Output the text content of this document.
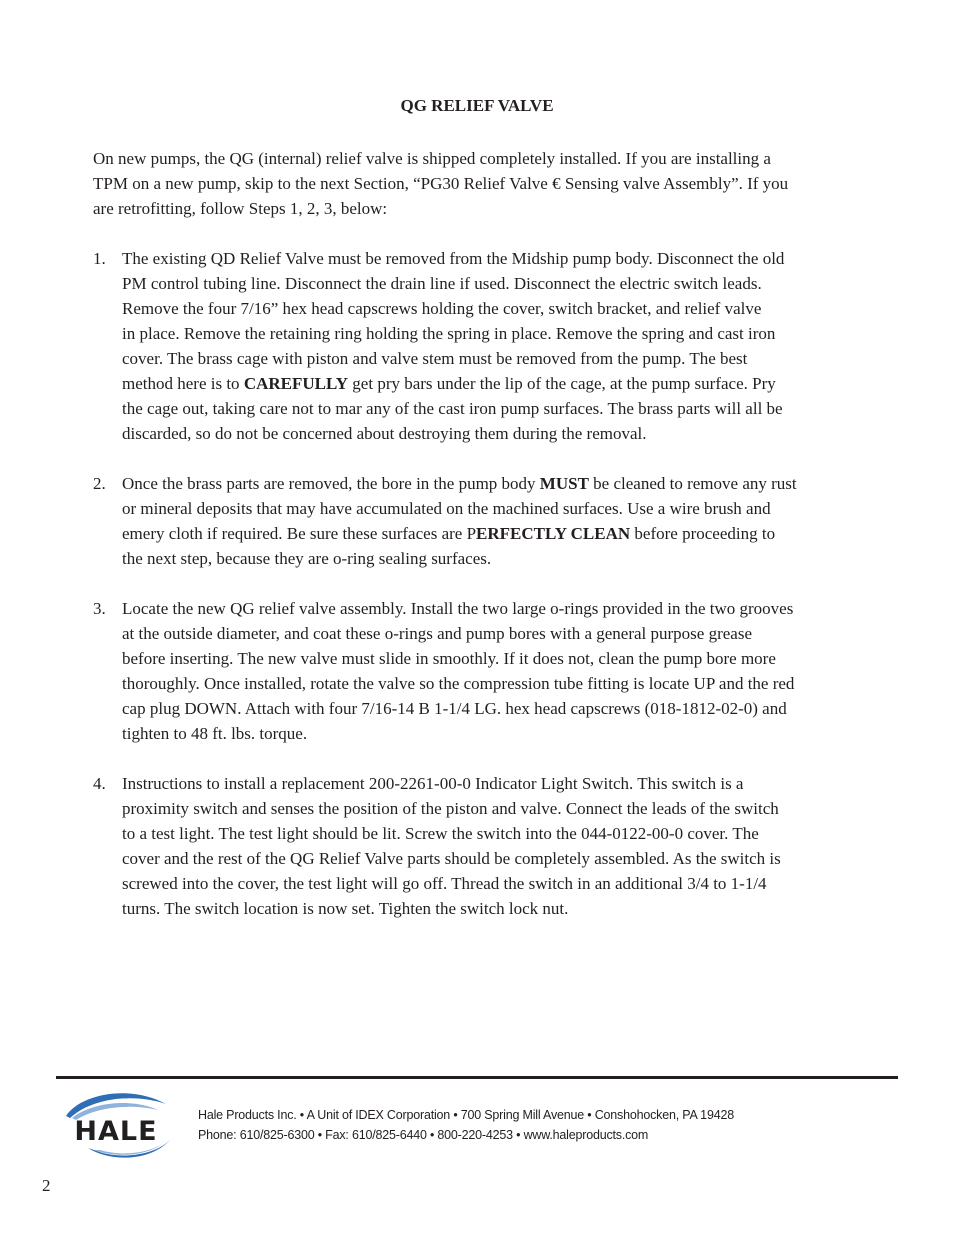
QG RELIEF VALVE
On new pumps, the QG (internal) relief valve is shipped completely installed. If you are installing a
TPM on a new pump, skip to the next Section, “PG30 Relief Valve € Sensing valve Assembly”. If you
are retrofitting, follow Steps 1, 2, 3, below:
1. The existing QD Relief Valve must be removed from the Midship pump body. Disconnect the old
PM control tubing line. Disconnect the drain line if used. Disconnect the electric switch leads.
Remove the four 7/16” hex head capscrews holding the cover, switch bracket, and relief valve
in place. Remove the retaining ring holding the spring in place. Remove the spring and cast iron
cover. The brass cage with piston and valve stem must be removed from the pump. The best
method here is to CAREFULLY get pry bars under the lip of the cage, at the pump surface. Pry
the cage out, taking care not to mar any of the cast iron pump surfaces. The brass parts will all be
discarded, so do not be concerned about destroying them during the removal.
2. Once the brass parts are removed, the bore in the pump body MUST be cleaned to remove any rust
or mineral deposits that may have accumulated on the machined surfaces. Use a wire brush and
emery cloth if required. Be sure these surfaces are PERFECTLY CLEAN before proceeding to
the next step, because they are o-ring sealing surfaces.
3. Locate the new QG relief valve assembly. Install the two large o-rings provided in the two grooves
at the outside diameter, and coat these o-rings and pump bores with a general purpose grease
before inserting. The new valve must slide in smoothly. If it does not, clean the pump bore more
thoroughly. Once installed, rotate the valve so the compression tube fitting is locate UP and the red
cap plug DOWN. Attach with four 7/16-14 B 1-1/4 LG. hex head capscrews (018-1812-02-0) and
tighten to 48 ft. lbs. torque.
4. Instructions to install a replacement 200-2261-00-0 Indicator Light Switch. This switch is a
proximity switch and senses the position of the piston and valve. Connect the leads of the switch
to a test light. The test light should be lit. Screw the switch into the 044-0122-00-0 cover. The
cover and the rest of the QG Relief Valve parts should be completely assembled. As the switch is
screwed into the cover, the test light will go off. Thread the switch in an additional 3/4 to 1-1/4
turns. The switch location is now set. Tighten the switch lock nut.
HALE
Hale Products Inc. • A Unit of IDEX Corporation • 700 Spring Mill Avenue • Conshohocken, PA 19428
Phone: 610/825-6300 • Fax: 610/825-6440 • 800-220-4253 • www.haleproducts.com
2
